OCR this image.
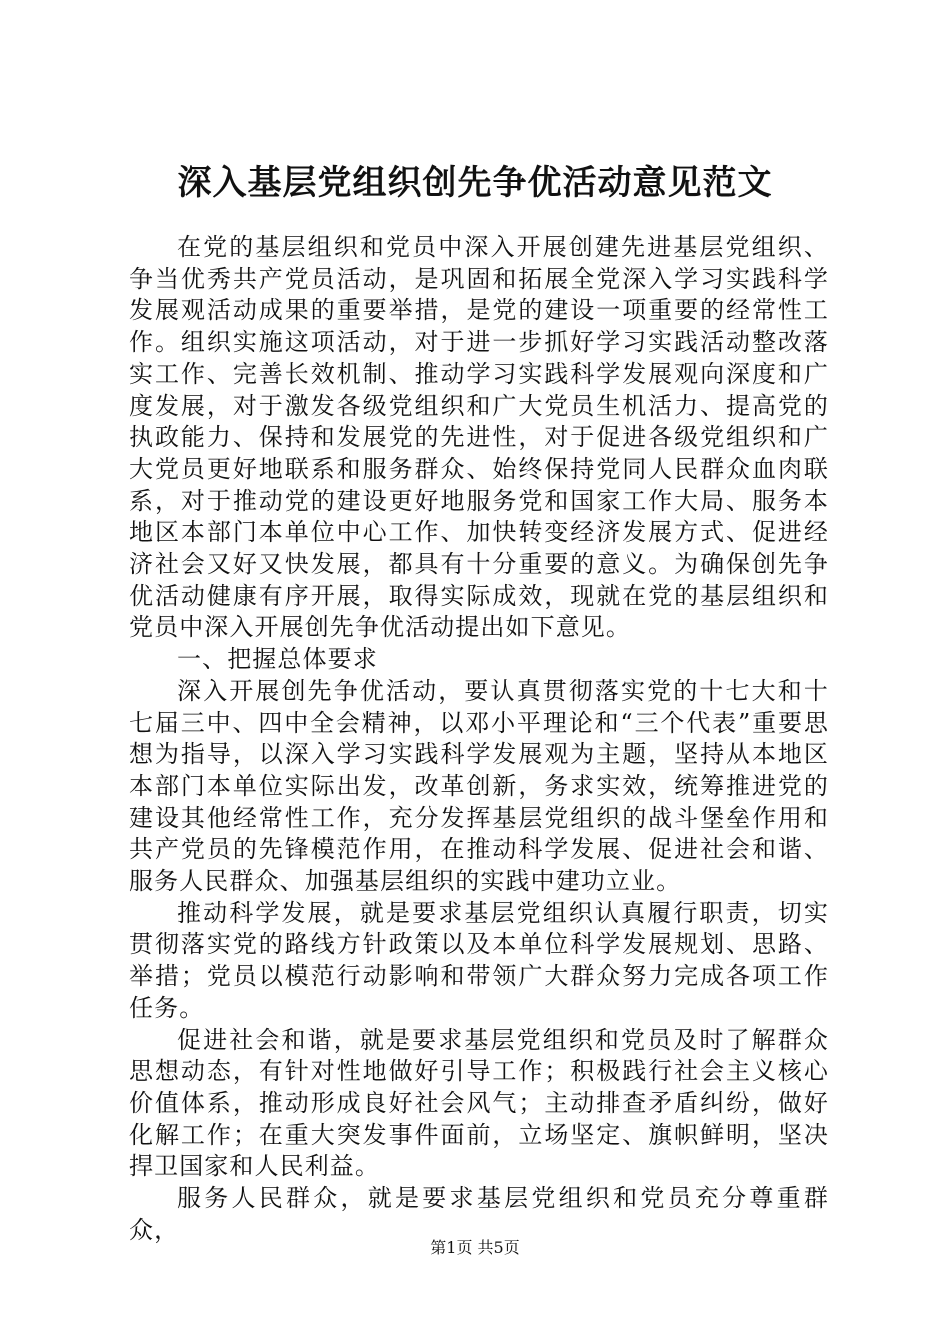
深入基层党组织创先争优活动意见范文

在党的基层组织和党员中深入开展创建先进基层党组织、争当优秀共产党员活动，是巩固和拓展全党深入学习实践科学发展观活动成果的重要举措，是党的建设一项重要的经常性工作。组织实施这项活动，对于进一步抓好学习实践活动整改落实工作、完善长效机制、推动学习实践科学发展观向深度和广度发展，对于激发各级党组织和广大党员生机活力、提高党的执政能力、保持和发展党的先进性，对于促进各级党组织和广大党员更好地联系和服务群众、始终保持党同人民群众血肉联系，对于推动党的建设更好地服务党和国家工作大局、服务本地区本部门本单位中心工作、加快转变经济发展方式、促进经济社会又好又快发展，都具有十分重要的意义。为确保创先争优活动健康有序开展，取得实际成效，现就在党的基层组织和党员中深入开展创先争优活动提出如下意见。

一、把握总体要求

深入开展创先争优活动，要认真贯彻落实党的十七大和十七届三中、四中全会精神，以邓小平理论和“三个代表”重要思想为指导，以深入学习实践科学发展观为主题，坚持从本地区本部门本单位实际出发，改革创新，务求实效，统筹推进党的建设其他经常性工作，充分发挥基层党组织的战斗堡垒作用和共产党员的先锋模范作用，在推动科学发展、促进社会和谐、服务人民群众、加强基层组织的实践中建功立业。

推动科学发展，就是要求基层党组织认真履行职责，切实贯彻落实党的路线方针政策以及本单位科学发展规划、思路、举措；党员以模范行动影响和带领广大群众努力完成各项工作任务。

促进社会和谐，就是要求基层党组织和党员及时了解群众思想动态，有针对性地做好引导工作；积极践行社会主义核心价值体系，推动形成良好社会风气；主动排查矛盾纠纷，做好化解工作；在重大突发事件面前，立场坚定、旗帜鲜明，坚决捍卫国家和人民利益。

服务人民群众，就是要求基层党组织和党员充分尊重群众，

第1页 共5页
